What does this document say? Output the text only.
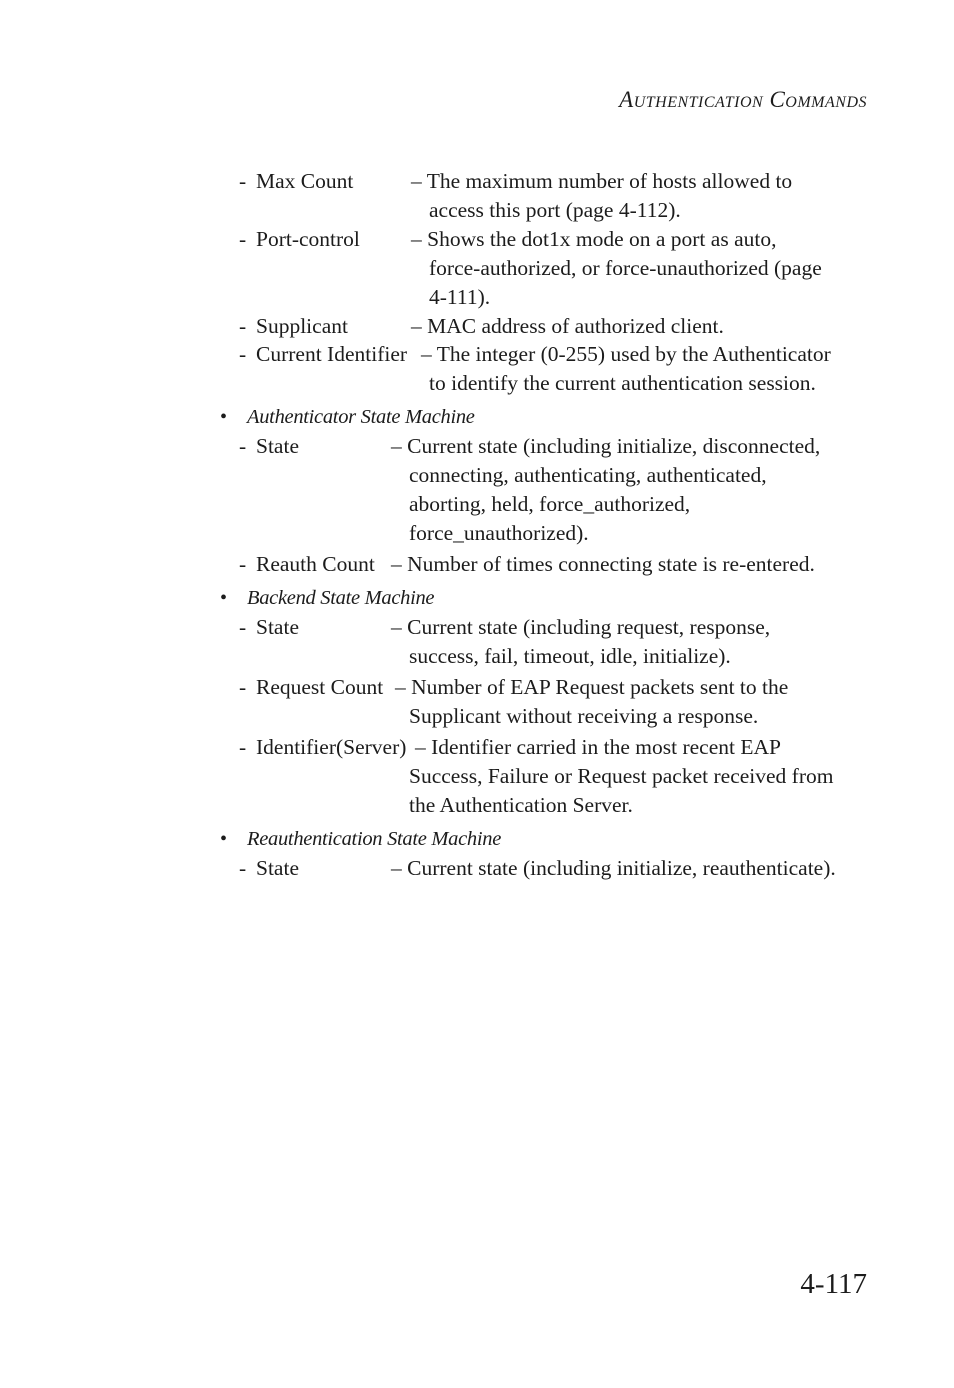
AUTHENTICATION COMMANDS
- Max Count	– The maximum number of hosts allowed to
access this port (page 4-112).
- Port-control – Shows the dot1x mode on a port as auto,
force-authorized, or force-unauthorized (page
4-111).
- Supplicant	– MAC address of authorized client.
- Current Identifier – The integer (0-255) used by the Authenticator
to identify the current authentication session.
• Authenticator State Machine
- State	– Current state (including initialize, disconnected,
connecting, authenticating, authenticated,
aborting, held, force_authorized,
force_unauthorized).
- Reauth Count – Number of times connecting state is re-entered.
• Backend State Machine
- State	– Current state (including request, response,
success, fail, timeout, idle, initialize).
- Request Count – Number of EAP Request packets sent to the
Supplicant without receiving a response.
- Identifier(Server) – Identifier carried in the most recent EAP
Success, Failure or Request packet received from
the Authentication Server.
• Reauthentication State Machine
- State	– Current state (including initialize, reauthenticate).
4-117
